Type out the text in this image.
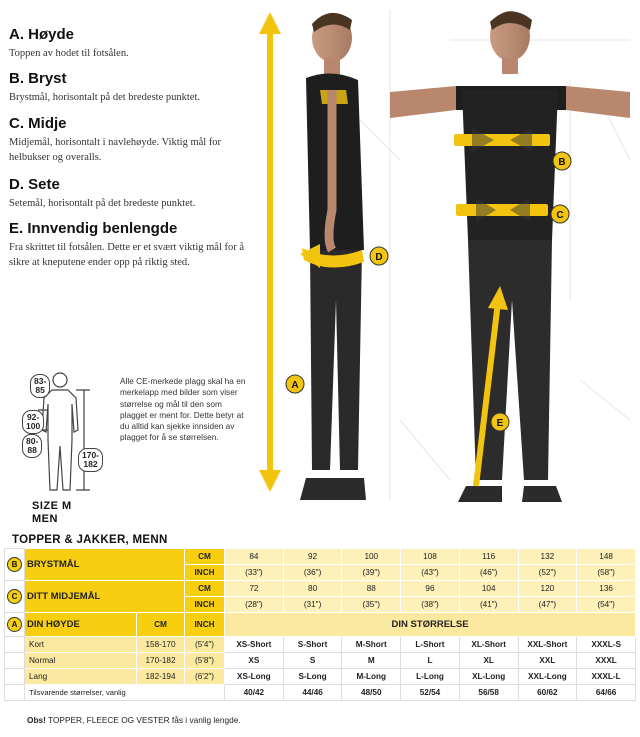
A. Høyde

Toppen av hodet til fotsålen.

B. Bryst

Brystmål, horisontalt på det bredeste punktet.

C. Midje

Midjemål, horisontalt i navlehøyde. Viktig mål for helbukser og overalls.

D. Sete

Setemål, horisontalt på det bredeste punktet.

E. Innvendig benlengde

Fra skrittet til fotsålen. Dette er et svært viktig mål for å sikre at kneputene ender opp på riktig sted.

A
D
B
C
E
83-
85
92-
100
80-
88	170-
182
SIZE M
MEN
Alle CE-merkede plagg skal ha en merkelapp med bilder som viser størrelse og mål til den som plagget er ment for. Dette betyr at du alltid kan sjekke innsiden av plagget for å se størrelsen.
TOPPER & JAKKER, MENN
B	BRYSTMÅL		CM	84	92	100	108	116	132	148
			INCH	(33")	(36")	(39")	(43")	(46")	(52")	(58")
C	DITT MIDJEMÅL		CM	72	80	88	96	104	120	136
			INCH	(28")	(31")	(35")	(38")	(41")	(47")	(54")
A	DIN HØYDE	CM	INCH	DIN STØRRELSE						
	Kort	158-170	(5'4")	XS-Short	S-Short	M-Short	L-Short	XL-Short	XXL-Short	XXXL-S
	Normal	170-182	(5'8")	XS	S	M	L	XL	XXL	XXXL
	Lang	182-194	(6'2")	XS-Long	S-Long	M-Long	L-Long	XL-Long	XXL-Long	XXXL-L
	Tilsvarende størrelser, vanlig			40/42	44/46	48/50	52/54	56/58	60/62	64/66
Obs! TOPPER, FLEECE OG VESTER fås i vanlig lengde.
